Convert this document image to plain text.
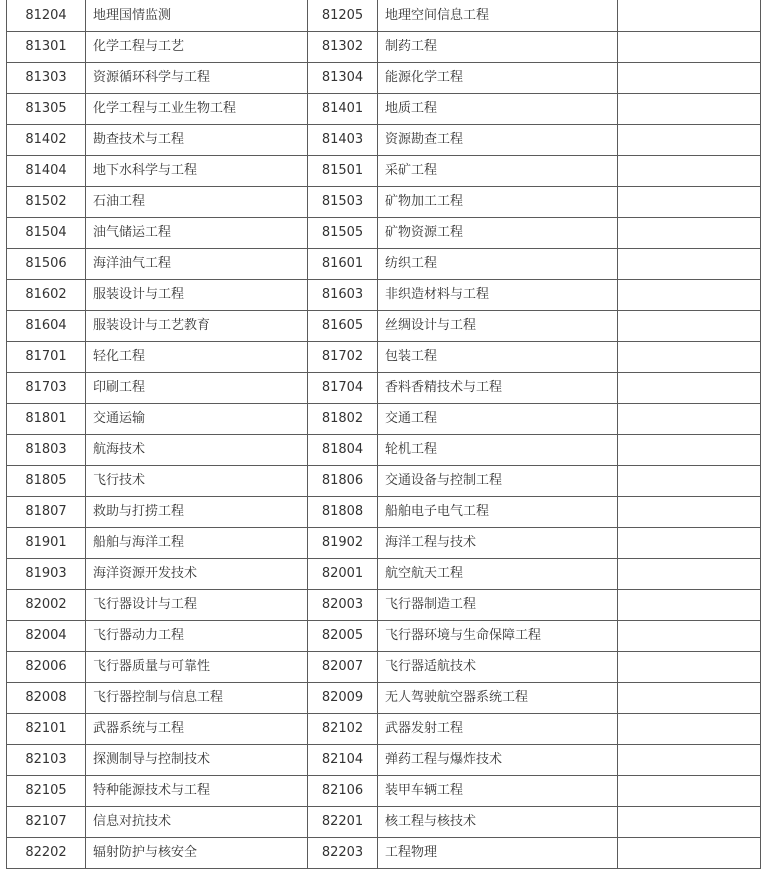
81204	地理国情监测	81205	地理空间信息工程	
81301	化学工程与工艺	81302	制药工程	
81303	资源循环科学与工程	81304	能源化学工程	
81305	化学工程与工业生物工程	81401	地质工程	
81402	勘查技术与工程	81403	资源勘查工程	
81404	地下水科学与工程	81501	采矿工程	
81502	石油工程	81503	矿物加工工程	
81504	油气储运工程	81505	矿物资源工程	
81506	海洋油气工程	81601	纺织工程	
81602	服装设计与工程	81603	非织造材料与工程	
81604	服装设计与工艺教育	81605	丝绸设计与工程	
81701	轻化工程	81702	包装工程	
81703	印刷工程	81704	香料香精技术与工程	
81801	交通运输	81802	交通工程	
81803	航海技术	81804	轮机工程	
81805	飞行技术	81806	交通设备与控制工程	
81807	救助与打捞工程	81808	船舶电子电气工程	
81901	船舶与海洋工程	81902	海洋工程与技术	
81903	海洋资源开发技术	82001	航空航天工程	
82002	飞行器设计与工程	82003	飞行器制造工程	
82004	飞行器动力工程	82005	飞行器环境与生命保障工程	
82006	飞行器质量与可靠性	82007	飞行器适航技术	
82008	飞行器控制与信息工程	82009	无人驾驶航空器系统工程	
82101	武器系统与工程	82102	武器发射工程	
82103	探测制导与控制技术	82104	弹药工程与爆炸技术	
82105	特种能源技术与工程	82106	装甲车辆工程	
82107	信息对抗技术	82201	核工程与核技术	
82202	辐射防护与核安全	82203	工程物理	
